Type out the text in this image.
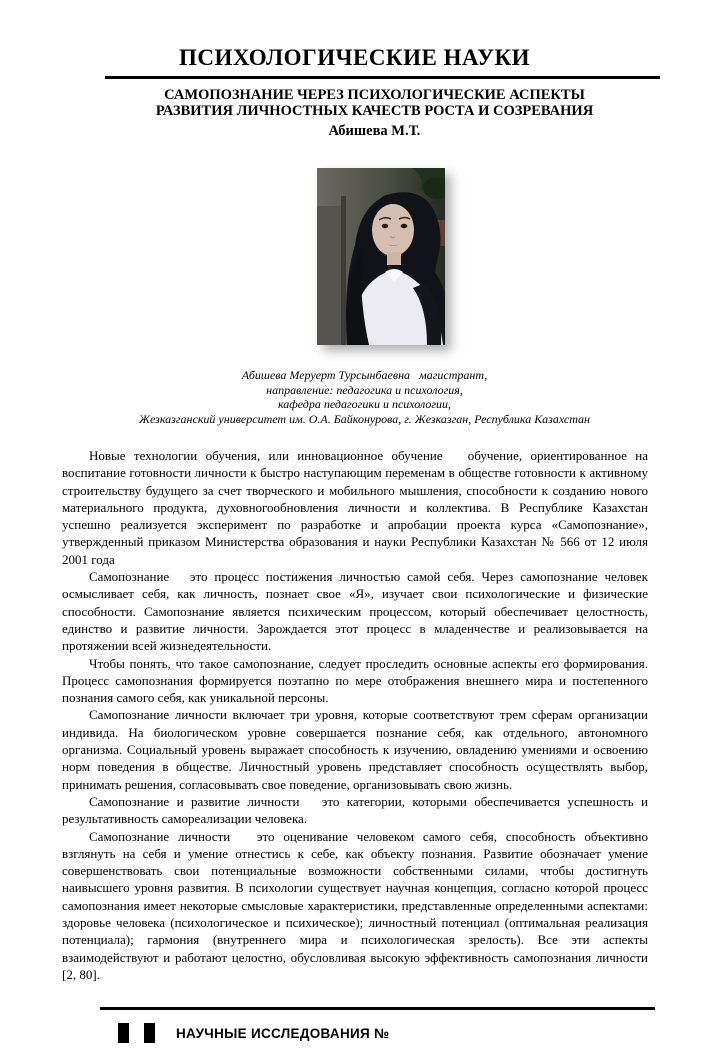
ПСИХОЛОГИЧЕСКИЕ НАУКИ
САМОПОЗНАНИЕ ЧЕРЕЗ ПСИХОЛОГИЧЕСКИЕ АСПЕКТЫ
РАЗВИТИЯ ЛИЧНОСТНЫХ КАЧЕСТВ РОСТА И СОЗРЕВАНИЯ
Абишева М.Т.
Абишева Меруерт Турсынбаевна   магистрант,
направление: педагогика и психология,
кафедра педагогики и психологии,
Жезказганский университет им. О.А. Байконурова, г. Жезказган, Республика Казахстан

Новые технологии обучения, или инновационное обучение   обучение, ориентированное на воспитание готовности личности к быстро наступающим переменам в обществе готовности к активному строительству будущего за счет творческого и мобильного мышления, способности к созданию нового материального продукта, духовногообновления личности и коллектива. В Республике Казахстан успешно реализуется эксперимент по разработке и апробации проекта курса «Самопознание», утвержденный приказом Министерства образования и науки Республики Казахстан № 566 от 12 июля 2001 года

Самопознание   это процесс постижения личностью самой себя. Через самопознание человек осмысливает себя, как личность, познает свое «Я», изучает свои психологические и физические способности. Самопознание является психическим процессом, который обеспечивает целостность, единство и развитие личности. Зарождается этот процесс в младенчестве и реализовывается на протяжении всей жизнедеятельности.

Чтобы понять, что такое самопознание, следует проследить основные аспекты его формирования. Процесс самопознания формируется поэтапно по мере отображения внешнего мира и постепенного познания самого себя, как уникальной персоны.

Самопознание личности включает три уровня, которые соответствуют трем сферам организации индивида. На биологическом уровне совершается познание себя, как отдельного, автономного организма. Социальный уровень выражает способность к изучению, овладению умениями и освоению норм поведения в обществе. Личностный уровень представляет способность осуществлять выбор, принимать решения, согласовывать свое поведение, организовывать свою жизнь.

Самопознание и развитие личности   это категории, которыми обеспечивается успешность и результативность самореализации человека.

Самопознание личности   это оценивание человеком самого себя, способность объективно взглянуть на себя и умение отнестись к себе, как объекту познания. Развитие обозначает умение совершенствовать свои потенциальные возможности собственными силами, чтобы достигнуть наивысшего уровня развития. В психологии существует научная концепция, согласно которой процесс самопознания имеет некоторые смысловые характеристики, представленные определенными аспектами: здоровье человека (психологическое и психическое); личностный потенциал (оптимальная реализация потенциала); гармония (внутреннего мира и психологическая зрелость). Все эти аспекты взаимодействуют и работают целостно, обусловливая высокую эффективность самопознания личности [2, 80].

НАУЧНЫЕ ИССЛЕДОВАНИЯ №
